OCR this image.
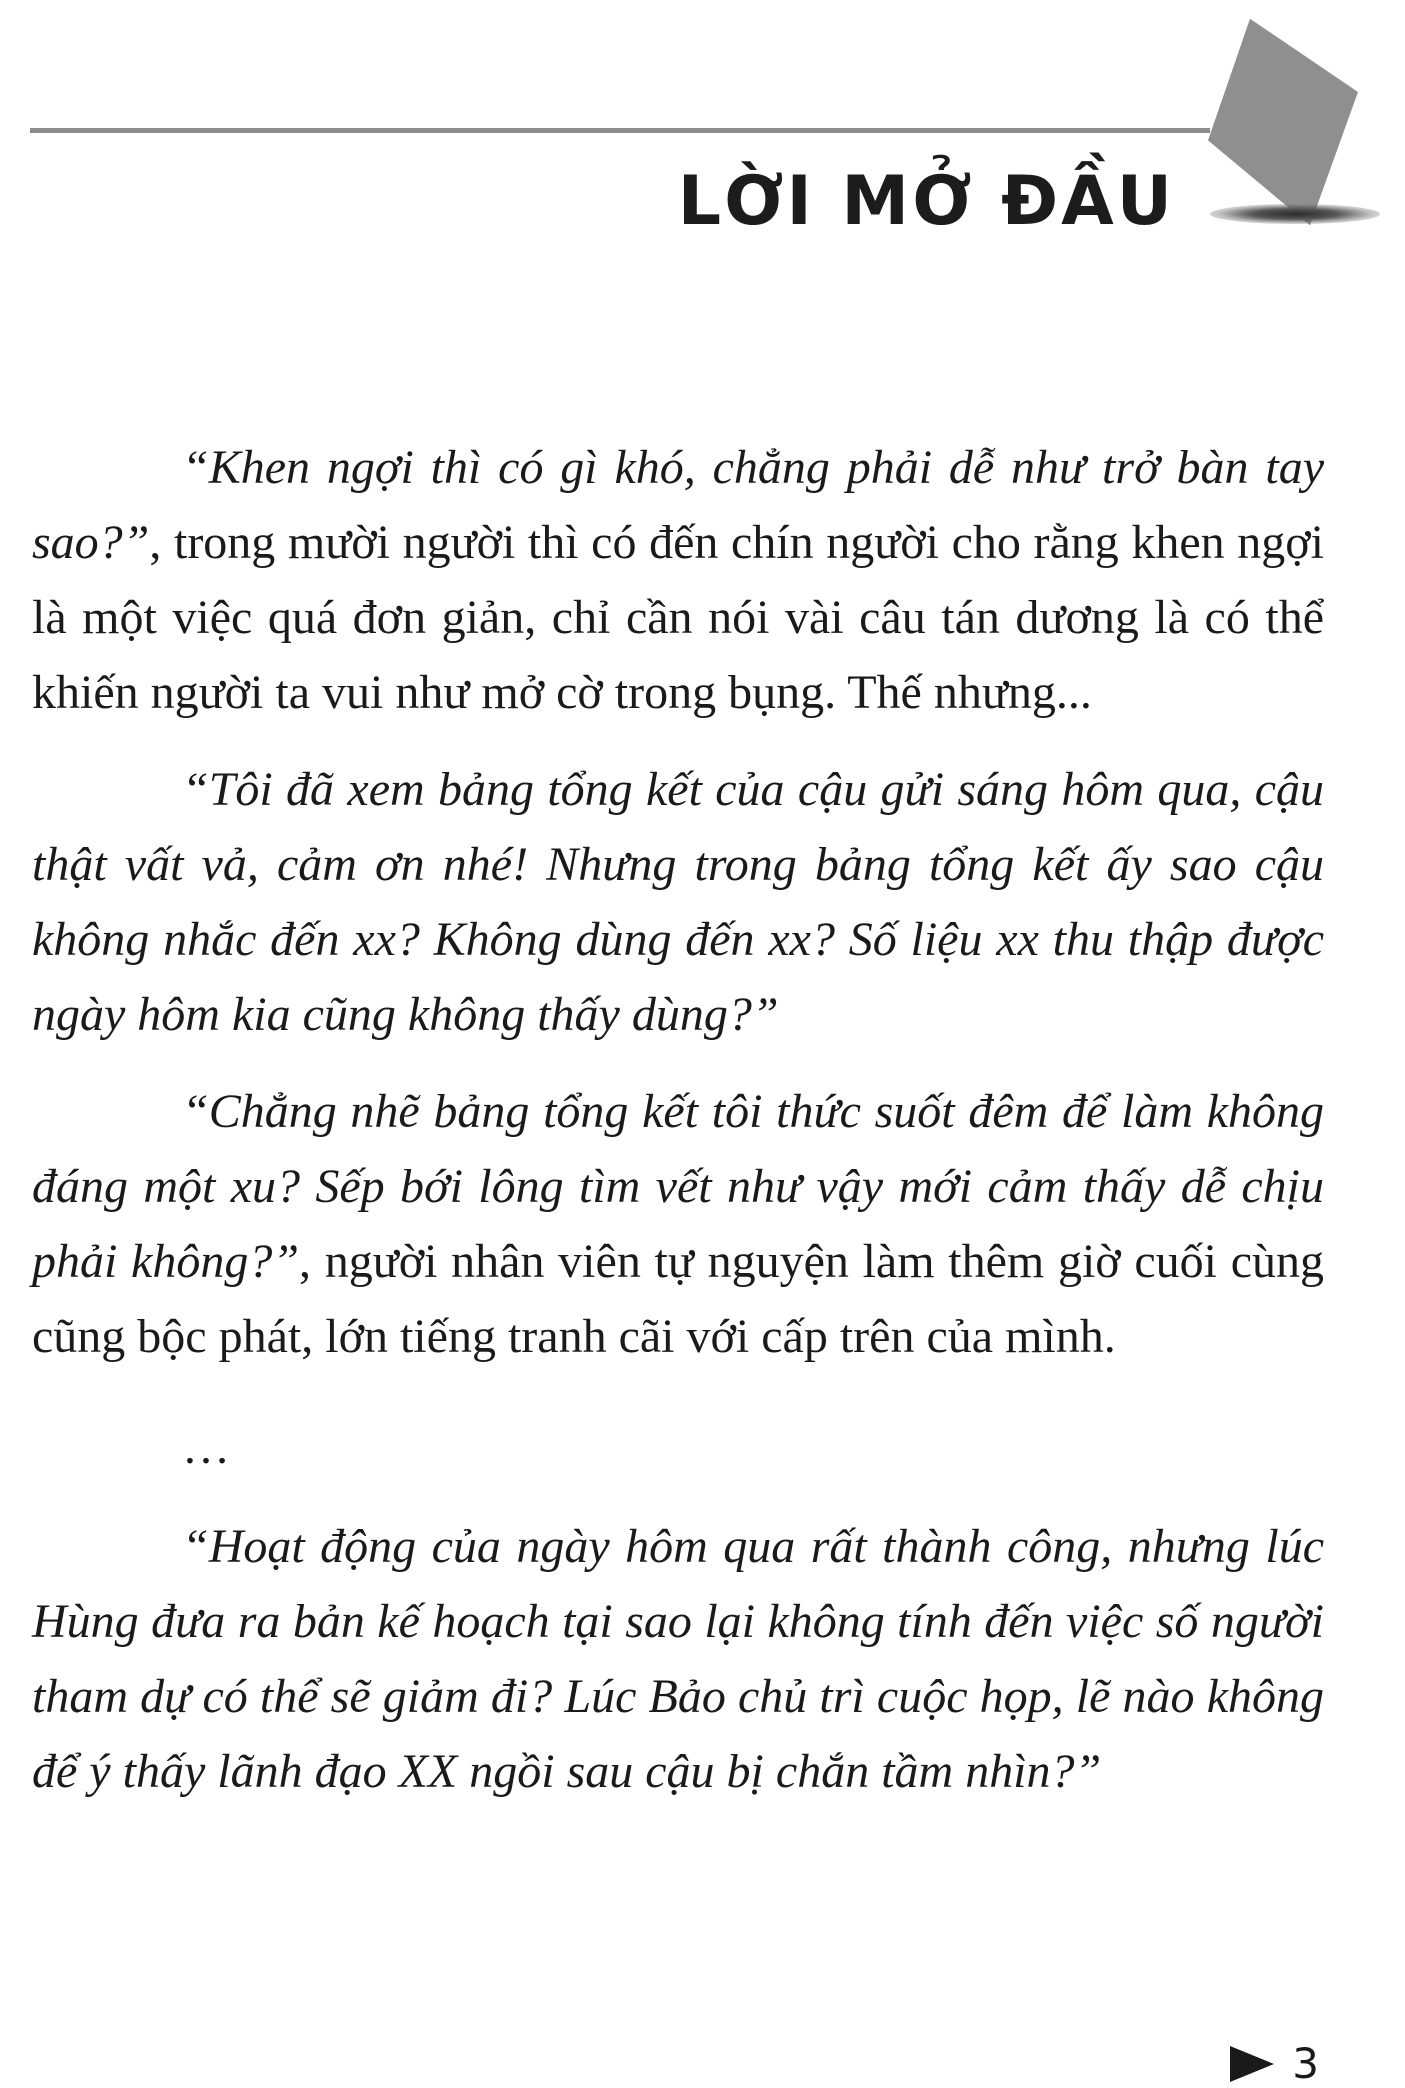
LỜI MỞ ĐẦU

“Khen ngợi thì có gì khó, chẳng phải dễ như trở bàn tay sao?”, trong mười người thì có đến chín người cho rằng khen ngợi là một việc quá đơn giản, chỉ cần nói vài câu tán dương là có thể khiến người ta vui như mở cờ trong bụng. Thế nhưng...

“Tôi đã xem bảng tổng kết của cậu gửi sáng hôm qua, cậu thật vất vả, cảm ơn nhé! Nhưng trong bảng tổng kết ấy sao cậu không nhắc đến xx? Không dùng đến xx? Số liệu xx thu thập được ngày hôm kia cũng không thấy dùng?”

“Chẳng nhẽ bảng tổng kết tôi thức suốt đêm để làm không đáng một xu? Sếp bới lông tìm vết như vậy mới cảm thấy dễ chịu phải không?”, người nhân viên tự nguyện làm thêm giờ cuối cùng cũng bộc phát, lớn tiếng tranh cãi với cấp trên của mình.

…

“Hoạt động của ngày hôm qua rất thành công, nhưng lúc Hùng đưa ra bản kế hoạch tại sao lại không tính đến việc số người tham dự có thể sẽ giảm đi? Lúc Bảo chủ trì cuộc họp, lẽ nào không để ý thấy lãnh đạo XX ngồi sau cậu bị chắn tầm nhìn?”

3
